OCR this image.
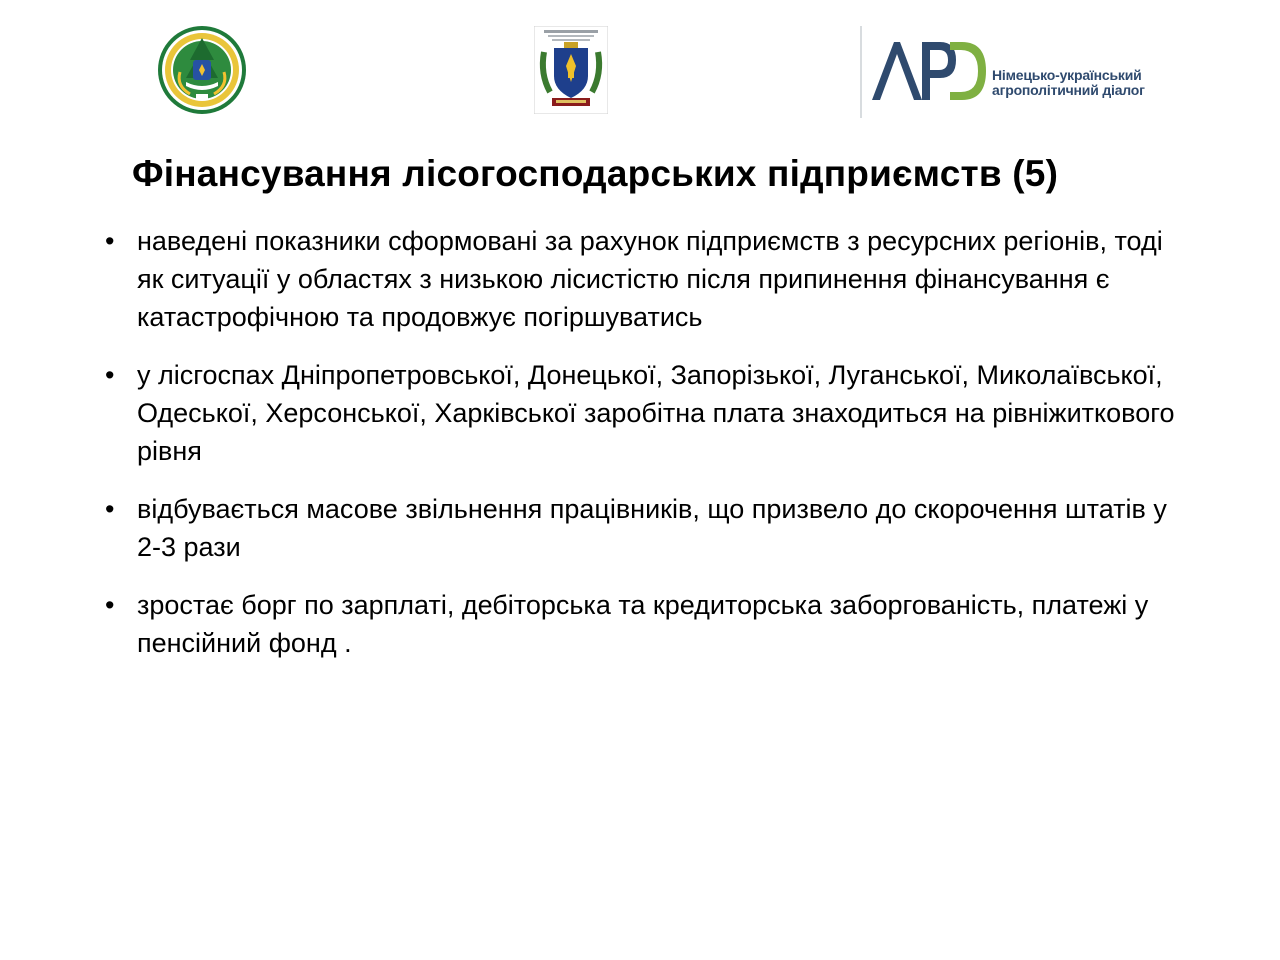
Німецько-український
агрополітичний діалог
Фінансування лісогосподарських підприємств (5)
• наведені показники сформовані за рахунок підприємств з ресурсних регіонів, тоді як ситуації у областях з низькою лісистістю після припинення фінансування є катастрофічною та продовжує погіршуватись
• у лісгоспах Дніпропетровської, Донецької, Запорізької, Луганської, Миколаївської, Одеської, Херсонської, Харківської заробітна плата знаходиться на рівніжиткового рівня
• відбувається масове звільнення працівників, що призвело до скорочення штатів у 2-3 рази
• зростає борг по зарплаті, дебіторська та кредиторська заборгованість, платежі у пенсійний фонд .
